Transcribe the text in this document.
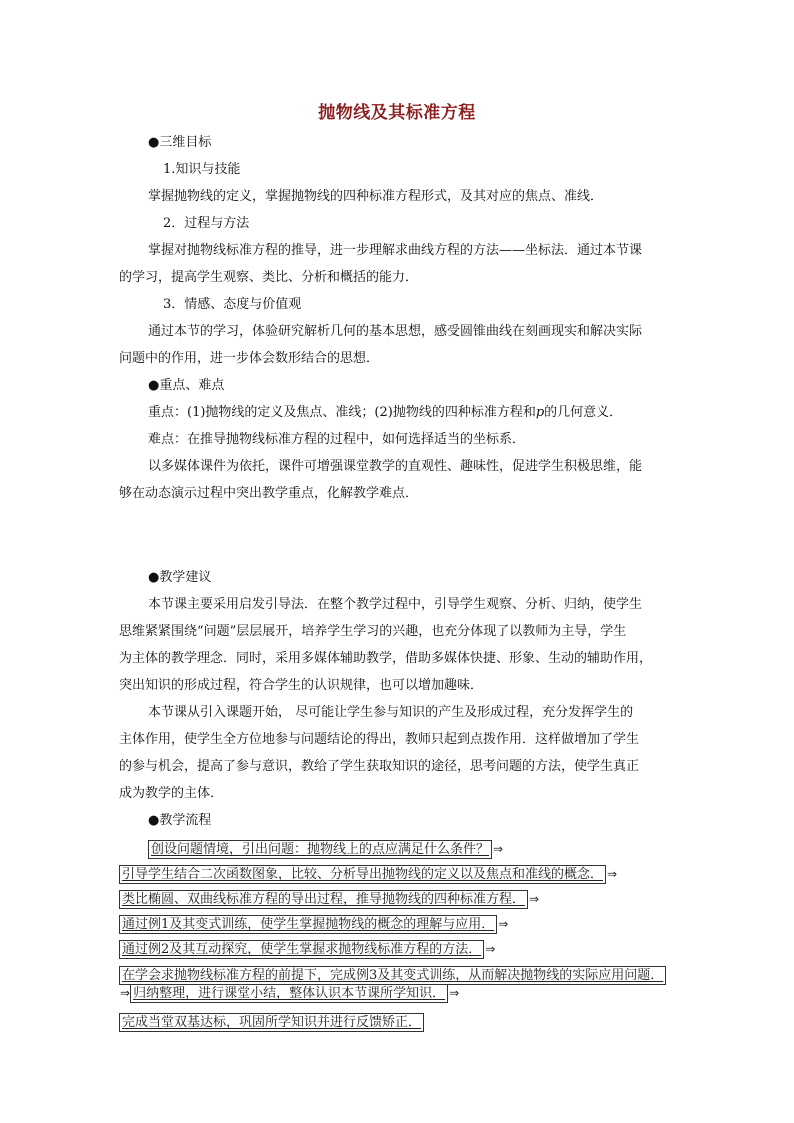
抛物线及其标准方程
●三维目标
1.知识与技能
掌握抛物线的定义，掌握抛物线的四种标准方程形式，及其对应的焦点、准线．
2．过程与方法
掌握对抛物线标准方程的推导，进一步理解求曲线方程的方法——坐标法．通过本节课
的学习，提高学生观察、类比、分析和概括的能力．
3．情感、态度与价值观
通过本节的学习，体验研究解析几何的基本思想，感受圆锥曲线在刻画现实和解决实际
问题中的作用，进一步体会数形结合的思想．
●重点、难点
重点：(1)抛物线的定义及焦点、准线；(2)抛物线的四种标准方程和p的几何意义．
难点：在推导抛物线标准方程的过程中，如何选择适当的坐标系．
以多媒体课件为依托，课件可增强课堂教学的直观性、趣味性，促进学生积极思维，能
够在动态演示过程中突出教学重点，化解教学难点．
●教学建议
本节课主要采用启发引导法．在整个教学过程中，引导学生观察、分析、归纳，使学生
思维紧紧围绕“问题”层层展开，培养学生学习的兴趣，也充分体现了以教师为主导，学生
为主体的教学理念．同时，采用多媒体辅助教学，借助多媒体快捷、形象、生动的辅助作用，
突出知识的形成过程，符合学生的认识规律，也可以增加趣味．
本节课从引入课题开始， 尽可能让学生参与知识的产生及形成过程，充分发挥学生的
主体作用，使学生全方位地参与问题结论的得出，教师只起到点拨作用．这样做增加了学生
的参与机会，提高了参与意识，教给了学生获取知识的途径，思考问题的方法，使学生真正
成为教学的主体．
●教学流程
创设问题情境，引出问题：抛物线上的点应满足什么条件？ ⇒
引导学生结合二次函数图象，比较、分析导出抛物线的定义以及焦点和准线的概念． ⇒
类比椭圆、双曲线标准方程的导出过程，推导抛物线的四种标准方程． ⇒
通过例1及其变式训练，使学生掌握抛物线的概念的理解与应用． ⇒
通过例2及其互动探究，使学生掌握求抛物线标准方程的方法． ⇒
在学会求抛物线标准方程的前提下，完成例3及其变式训练，从而解决抛物线的实际应用问题．
⇒ 归纳整理，进行课堂小结，整体认识本节课所学知识． ⇒
完成当堂双基达标，巩固所学知识并进行反馈矫正．
